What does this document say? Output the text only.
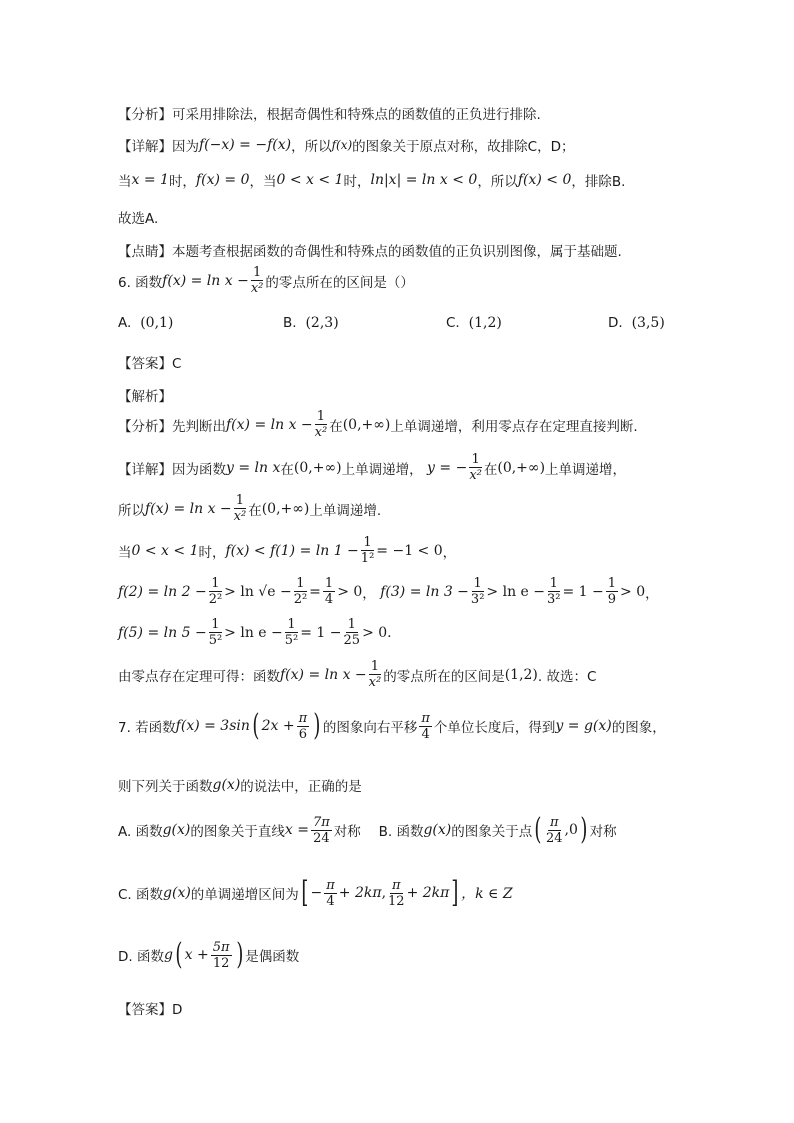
【分析】可采用排除法，根据奇偶性和特殊点的函数值的正负进行排除.
【详解】因为 f(−x) = −f(x) ，所以 f(x) 的图象关于原点对称，故排除C，D；
当 x = 1 时， f(x) = 0 ，当 0 < x < 1 时， ln|x| = ln x < 0 ，所以 f(x) < 0 ，排除B.
故选A.
【点睛】本题考查根据函数的奇偶性和特殊点的函数值的正负识别图像，属于基础题.
6. 函数 $f(x) = \ln x - \frac{1}{\text{x²}}$ 的零点所在的区间是（）
A.
(0,1)	B.
(2,3)	C.
(1,2)	D.
(3,5)
【答案】C
【解析】
【分析】先判断出 $f(x) = \ln x - \frac{1}{\text{x²}}$ 在 (0,+∞) 上单调递增，利用零点存在定理直接判断.
【详解】因为函数 y = ln x 在 (0,+∞) 上单调递增，
y = − $\frac{1}{\text{x²}}$ 在 (0,+∞) 上单调递增，
所以 $f(x) = \ln x - \frac{1}{\text{x²}}$ 在 (0,+∞) 上单调递增.
当 0 < x < 1 时， $f(x) < f(1) = \ln 1 - \frac{1}{\text{1²}} = -1 < 0$ ，
$f(2) = \ln 2 - \frac{1}{\text{2²}} > \ln √e - \frac{1}{\text{2²}} = \frac{1}{4} > 0$ ，
$f(3) = \ln 3 - \frac{1}{\text{3²}} > \ln e - \frac{1}{\text{3²}} = 1 - \frac{1}{9} > 0$ ，
$f(5) = \ln 5 - \frac{1}{\text{5²}} > \ln e - \frac{1}{\text{5²}} = 1 - \frac{1}{25} > 0$.
由零点存在定理可得：函数 $f(x) = \ln x - \frac{1}{\text{x²}}$ 的零点所在的区间是 (1,2) . 故选：C
7. 若函数 f(x) = 3sin ( $2x + \frac{\pi}{6}$ ) 的图象向右平移 $\frac{\pi}{4}$ 个单位长度后，得到 y = g(x) 的图象，
则下列关于函数 g(x) 的说法中，正确的是
A. 函数 g(x) 的图象关于直线 $x = \frac{7\pi}{24}$ 对称
B. 函数 g(x) 的图象关于点 ( $\frac{\pi}{24}$ , 0 ) 对称
C. 函数 g(x) 的单调递增区间为 [ − $\frac{\pi}{4} + 2k\pi$ , $\frac{\pi}{12} + 2k\pi$ ] ，k ∈ Z
D. 函数 g ( $x + \frac{5\pi}{12}$ ) 是偶函数
【答案】D
